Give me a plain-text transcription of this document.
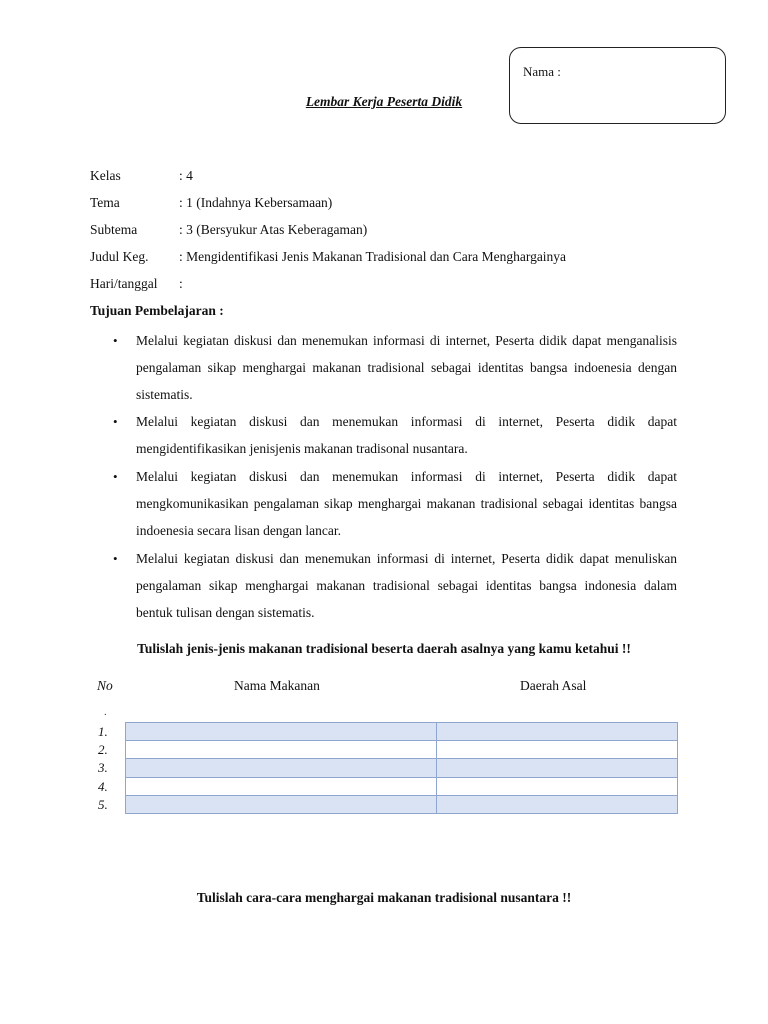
Nama :
Lembar Kerja Peserta Didik
Kelas	: 4
Tema	: 1 (Indahnya Kebersamaan)
Subtema	: 3 (Bersyukur Atas Keberagaman)
Judul Keg. : Mengidentifikasi Jenis Makanan Tradisional dan Cara Menghargainya
Hari/tanggal :
Tujuan Pembelajaran :
• Melalui kegiatan diskusi dan menemukan informasi di internet, Peserta didik dapat menganalisis pengalaman sikap menghargai makanan tradisional sebagai identitas bangsa indoenesia dengan sistematis.
• Melalui kegiatan diskusi dan menemukan informasi di internet, Peserta didik dapat mengidentifikasikan jenisjenis makanan tradisonal nusantara.
• Melalui kegiatan diskusi dan menemukan informasi di internet, Peserta didik dapat mengkomunikasikan pengalaman sikap menghargai makanan tradisional sebagai identitas bangsa indoenesia secara lisan dengan lancar.
• Melalui kegiatan diskusi dan menemukan informasi di internet, Peserta didik dapat menuliskan pengalaman sikap menghargai makanan tradisional sebagai identitas bangsa indonesia dalam bentuk tulisan dengan sistematis.
Tulislah jenis-jenis makanan tradisional beserta daerah asalnya yang kamu ketahui !!
No	Nama Makanan	Daerah Asal
.
1.		
2.		
3.		
4.		
5.		
Tulislah cara-cara menghargai makanan tradisional nusantara !!
